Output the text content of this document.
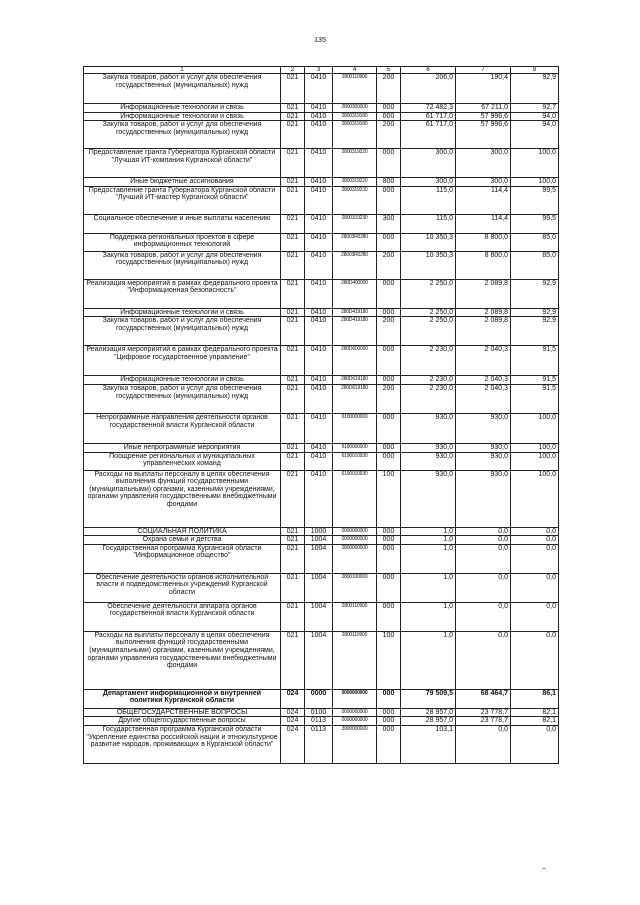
135
1	2	3	4	5	6	7	8
Закупка товаров, работ и услуг для обеспечения государственных (муниципальных) нужд	021	0410	2800110900	200	206,0	190,4	92,9
Информационные технологии и связь	021	0410	2800300000	000	72 482,3	67 211,0	92,7
Информационные технологии и связь	021	0410	2800319180	000	61 717,0	57 996,6	94,0
Закупка товаров, работ и услуг для обеспечения государственных (муниципальных) нужд	021	0410	2800319180	200	61 717,0	57 996,6	94,0
Предоставление гранта Губернатора Курганской области "Лучшая ИТ-компания Курганской области"	021	0410	2800319220	000	300,0	300,0	100,0
Иные бюджетные ассигнования	021	0410	2800319220	800	300,0	300,0	100,0
Предоставление гранта Губернатора Курганской области "Лучший ИТ-мастер Курганской области"	021	0410	2800319230	000	115,0	114,4	99,5
Социальное обеспечение и иные выплаты населению	021	0410	2800319230	300	115,0	114,4	99,5
Поддержка региональных проектов в сфере информационных технологий	021	0410	28003R0280	000	10 350,3	8 800,0	85,0
Закупка товаров, работ и услуг для обеспечения государственных (муниципальных) нужд	021	0410	28003R0280	200	10 350,3	8 800,0	85,0
Реализация мероприятий в рамках федерального проекта "Информационная безопасность"	021	0410	280D400000	000	2 250,0	2 089,8	92,9
Информационные технологии и связь	021	0410	280D419180	000	2 250,0	2 089,8	92,9
Закупка товаров, работ и услуг для обеспечения государственных (муниципальных) нужд	021	0410	280D419180	200	2 250,0	2 089,8	92,9
Реализация мероприятий в рамках федерального проекта "Цифровое государственное управление"	021	0410	280D600000	000	2 230,0	2 040,3	91,5
Информационные технологии и связь	021	0410	280D619180	000	2 230,0	2 040,3	91,5
Закупка товаров, работ и услуг для обеспечения государственных (муниципальных) нужд	021	0410	280D619180	200	2 230,0	2 040,3	91,5
Непрограммные направления деятельности органов государственной власти Курганской области	021	0410	6100000000	000	930,0	930,0	100,0
Иные непрограммные мероприятия	021	0410	6190000000	000	930,0	930,0	100,0
Поощрение региональных и муниципальных управленческих команд	021	0410	6190010930	000	930,0	930,0	100,0
Расходы на выплаты персоналу в целях обеспечения выполнения функций государственными (муниципальными) органами, казенными учреждениями, органами управления государственными внебюджетными фондами	021	0410	6190010930	100	930,0	930,0	100,0
СОЦИАЛЬНАЯ ПОЛИТИКА	021	1000	0000000000	000	1,0	0,0	0,0
Охрана семьи и детства	021	1004	0000000000	000	1,0	0,0	0,0
Государственная программа Курганской области "Информационное общество"	021	1004	2800000000	000	1,0	0,0	0,0
Обеспечение деятельности органов исполнительной власти и подведомственных учреждений Курганской области	021	1004	2800100000	000	1,0	0,0	0,0
Обеспечение деятельности аппарата органов государственной власти Курганской области	021	1004	2800110900	000	1,0	0,0	0,0
Расходы на выплаты персоналу в целях обеспечения выполнения функций государственными (муниципальными) органами, казенными учреждениями, органами управления государственными внебюджетными фондами	021	1004	2800110900	100	1,0	0,0	0,0
Департамент информационной и внутренней политики Курганской области	024	0000	0000000000	000	79 509,5	68 464,7	86,1
ОБЩЕГОСУДАРСТВЕННЫЕ ВОПРОСЫ	024	0100	0000000000	000	28 957,0	23 778,7	82,1
Другие общегосударственные вопросы	024	0113	0000000000	000	28 957,0	23 778,7	82,1
Государственная программа Курганской области "Укрепление единства российской нации и этнокультурное развитие народов, проживающих в Курганской области"	024	0113	3900000000	000	103,1	0,0	0,0
